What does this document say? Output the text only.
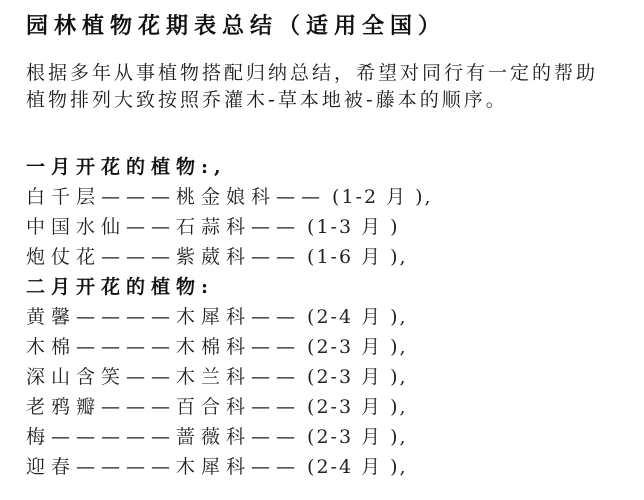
园林植物花期表总结（适用全国）
根据多年从事植物搭配归纳总结，希望对同行有一定的帮助
植物排列大致按照乔灌木-草本地被-藤本的顺序。
一月开花的植物:,
白千层———桃金娘科—— (1-2 月 ),
中国水仙——石蒜科—— (1-3 月 )
炮仗花———紫葳科—— (1-6 月 ),
二月开花的植物:
黄馨————木犀科—— (2-4 月 ),
木棉————木棉科—— (2-3 月 ),
深山含笑——木兰科—— (2-3 月 ),
老鸦瓣———百合科—— (2-3 月 ),
梅—————蔷薇科—— (2-3 月 ),
迎春————木犀科—— (2-4 月 ),
